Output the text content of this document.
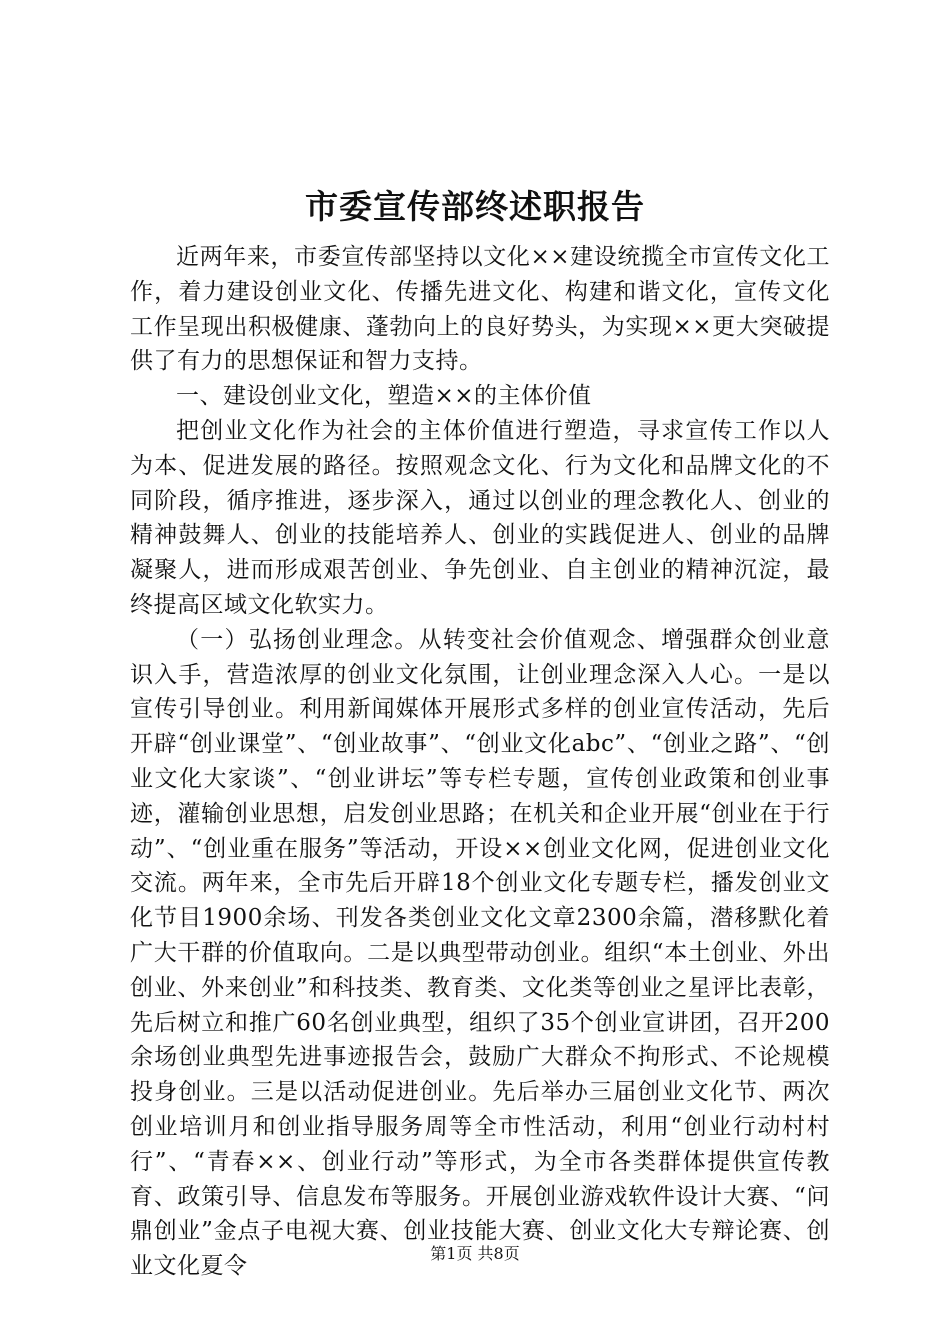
市委宣传部终述职报告

近两年来，市委宣传部坚持以文化××建设统揽全市宣传文化工作，着力建设创业文化、传播先进文化、构建和谐文化，宣传文化工作呈现出积极健康、蓬勃向上的良好势头，为实现××更大突破提供了有力的思想保证和智力支持。

一、建设创业文化，塑造××的主体价值

把创业文化作为社会的主体价值进行塑造，寻求宣传工作以人为本、促进发展的路径。按照观念文化、行为文化和品牌文化的不同阶段，循序推进，逐步深入，通过以创业的理念教化人、创业的精神鼓舞人、创业的技能培养人、创业的实践促进人、创业的品牌凝聚人，进而形成艰苦创业、争先创业、自主创业的精神沉淀，最终提高区域文化软实力。

（一）弘扬创业理念。从转变社会价值观念、增强群众创业意识入手，营造浓厚的创业文化氛围，让创业理念深入人心。一是以宣传引导创业。利用新闻媒体开展形式多样的创业宣传活动，先后开辟“创业课堂”、“创业故事”、“创业文化abc”、“创业之路”、“创业文化大家谈”、“创业讲坛”等专栏专题，宣传创业政策和创业事迹，灌输创业思想，启发创业思路；在机关和企业开展“创业在于行动”、“创业重在服务”等活动，开设××创业文化网，促进创业文化交流。两年来，全市先后开辟18个创业文化专题专栏，播发创业文化节目1900余场、刊发各类创业文化文章2300余篇，潜移默化着广大干群的价值取向。二是以典型带动创业。组织“本土创业、外出创业、外来创业”和科技类、教育类、文化类等创业之星评比表彰，先后树立和推广60名创业典型，组织了35个创业宣讲团，召开200余场创业典型先进事迹报告会，鼓励广大群众不拘形式、不论规模投身创业。三是以活动促进创业。先后举办三届创业文化节、两次创业培训月和创业指导服务周等全市性活动，利用“创业行动村村行”、“青春××、创业行动”等形式，为全市各类群体提供宣传教育、政策引导、信息发布等服务。开展创业游戏软件设计大赛、“问鼎创业”金点子电视大赛、创业技能大赛、创业文化大专辩论赛、创业文化夏令	第1页 共8页
